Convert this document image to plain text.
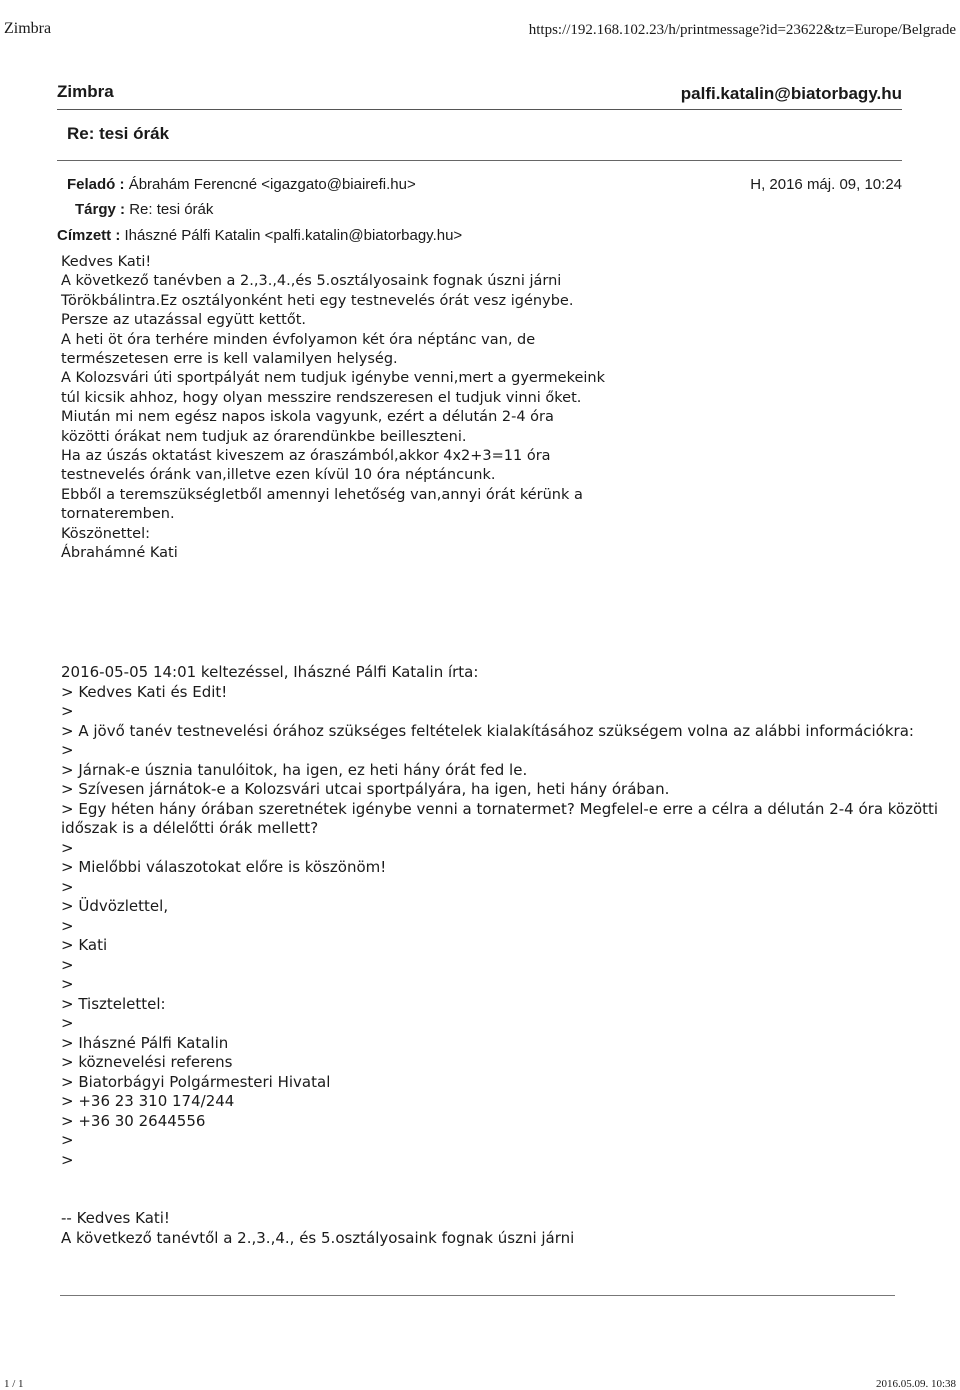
Zimbra	https://192.168.102.23/h/printmessage?id=23622&tz=Europe/Belgrade
Zimbra	palfi.katalin@biatorbagy.hu
Re: tesi órák
Feladó : Ábrahám Ferencné <igazgato@biairefi.hu>	H, 2016 máj. 09, 10:24
Tárgy : Re: tesi órák
Címzett : Ihászné Pálfi Katalin <palfi.katalin@biatorbagy.hu>
Kedves Kati!
A következő tanévben a 2.,3.,4.,és 5.osztályosaink fognak úszni járni
Törökbálintra.Ez osztályonként heti egy testnevelés órát vesz igénybe.
Persze az utazással együtt kettőt.
A heti öt óra terhére minden évfolyamon két óra néptánc van, de
természetesen erre is kell valamilyen helység.
A Kolozsvári úti sportpályát nem tudjuk igénybe venni,mert a gyermekeink
túl kicsik ahhoz, hogy olyan messzire rendszeresen el tudjuk vinni őket.
Miután mi nem egész napos iskola vagyunk, ezért a délután 2-4 óra
közötti órákat nem tudjuk az órarendünkbe beilleszteni.
Ha az úszás oktatást kiveszem az óraszámból,akkor 4x2+3=11 óra
testnevelés óránk van,illetve ezen kívül 10 óra néptáncunk.
Ebből a teremszükségletből amennyi lehetőség van,annyi órát kérünk a
tornateremben.
Köszönettel:
Ábrahámné Kati
2016-05-05 14:01 keltezéssel, Ihászné Pálfi Katalin írta:
> Kedves Kati és Edit!
>
> A jövő tanév testnevelési órához szükséges feltételek kialakításához szükségem volna az alábbi információkra:
>
> Járnak-e úsznia tanulóitok, ha igen, ez heti hány órát fed le.
> Szívesen járnátok-e a Kolozsvári utcai sportpályára, ha igen, heti hány órában.
> Egy héten hány órában szeretnétek igénybe venni a tornatermet? Megfelel-e erre a célra a délután 2-4 óra közötti
időszak is a délelőtti órák mellett?
>
> Mielőbbi válaszotokat előre is köszönöm!
>
> Üdvözlettel,
>
> Kati
>
>
> Tisztelettel:
>
> Ihászné Pálfi Katalin
> köznevelési referens
> Biatorbágyi Polgármesteri Hivatal
> +36 23 310 174/244
> +36 30 2644556
>
>
-- Kedves Kati!
A következő tanévtől a 2.,3.,4., és 5.osztályosaink fognak úszni járni
1 / 1	2016.05.09. 10:38
